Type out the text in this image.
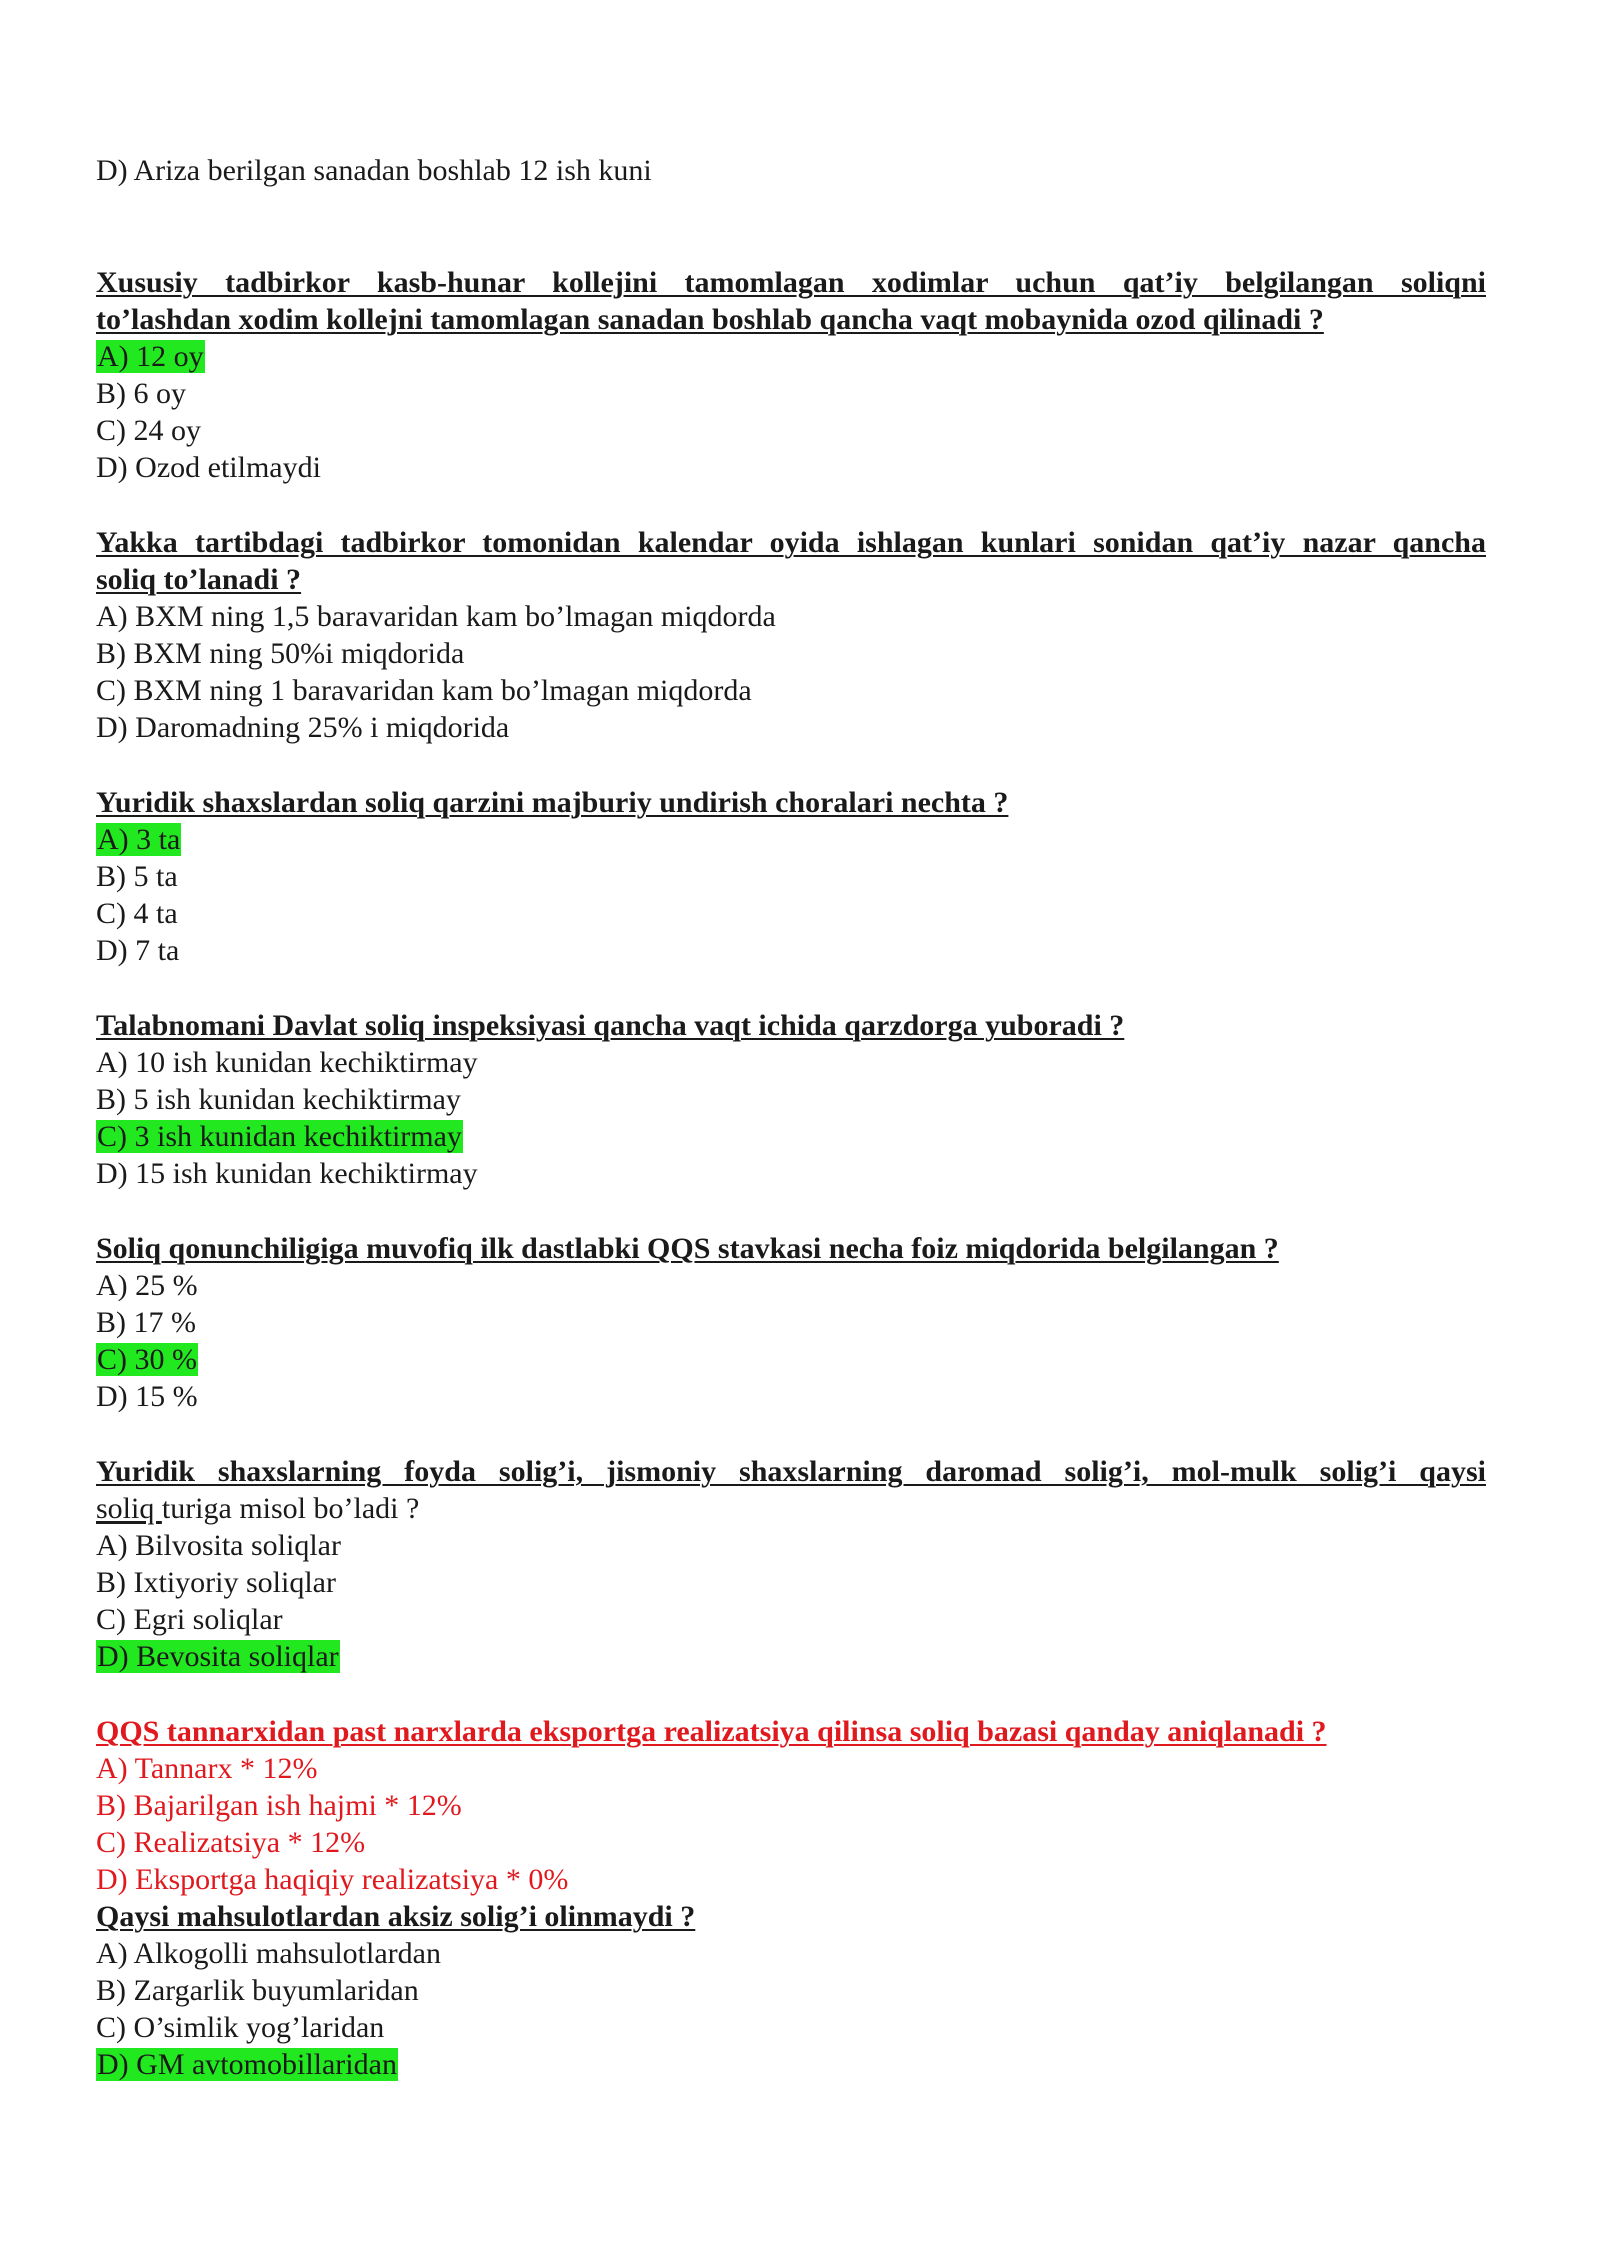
D) Ariza berilgan sanadan boshlab 12 ish kuni
Xususiy tadbirkor kasb-hunar kollejini tamomlagan xodimlar uchun qat’iy belgilangan soliqni
to’lashdan xodim kollejni tamomlagan sanadan boshlab qancha vaqt mobaynida ozod qilinadi ?
A) 12 oy
B) 6 oy
C) 24 oy
D) Ozod etilmaydi
Yakka tartibdagi tadbirkor tomonidan kalendar oyida ishlagan kunlari sonidan qat’iy nazar qancha
soliq to’lanadi ?
A) BXM ning 1,5 baravaridan kam bo’lmagan miqdorda
B) BXM ning 50%i miqdorida
C) BXM ning 1 baravaridan kam bo’lmagan miqdorda
D) Daromadning 25% i miqdorida
Yuridik shaxslardan soliq qarzini majburiy undirish choralari nechta ?
A) 3 ta
B) 5 ta
C) 4 ta
D) 7 ta
Talabnomani Davlat soliq inspeksiyasi qancha vaqt ichida qarzdorga yuboradi ?
A) 10 ish kunidan kechiktirmay
B) 5 ish kunidan kechiktirmay
C) 3 ish kunidan kechiktirmay
D) 15 ish kunidan kechiktirmay
Soliq qonunchiligiga muvofiq ilk dastlabki QQS stavkasi necha foiz miqdorida belgilangan ?
A) 25 %
B) 17 %
C) 30 %
D) 15 %
Yuridik shaxslarning foyda solig’i, jismoniy shaxslarning daromad solig’i, mol-mulk solig’i qaysi
soliq turiga misol bo’ladi ?
A) Bilvosita soliqlar
B) Ixtiyoriy soliqlar
C) Egri soliqlar
D) Bevosita soliqlar
QQS tannarxidan past narxlarda eksportga realizatsiya qilinsa soliq bazasi qanday aniqlanadi ?
A) Tannarx * 12%
B) Bajarilgan ish hajmi * 12%
C) Realizatsiya * 12%
D) Eksportga haqiqiy realizatsiya * 0%
Qaysi mahsulotlardan aksiz solig’i olinmaydi ?
A) Alkogolli mahsulotlardan
B) Zargarlik buyumlaridan
C) O’simlik yog’laridan
D) GM avtomobillaridan
